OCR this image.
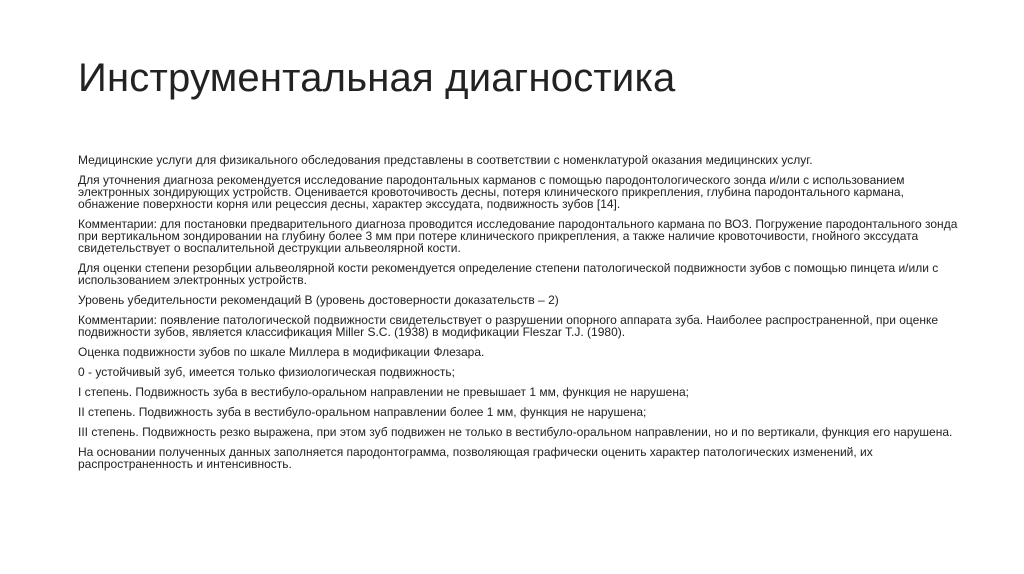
Инструментальная диагностика

Медицинские услуги для физикального обследования представлены в соответствии с номенклатурой оказания медицинских услуг.

Для уточнения диагноза рекомендуется исследование пародонтальных карманов с помощью пародонтологического зонда и/или с использованием электронных зондирующих устройств. Оценивается кровоточивость десны, потеря клинического прикрепления, глубина пародонтального кармана, обнажение поверхности корня или рецессия десны, характер экссудата, подвижность зубов [14].

Комментарии: для постановки предварительного диагноза проводится исследование пародонтального кармана по ВОЗ. Погружение пародонтального зонда при вертикальном зондировании на глубину более 3 мм при потере клинического прикрепления, а также наличие кровоточивости, гнойного экссудата свидетельствует о воспалительной деструкции альвеолярной кости.

Для оценки степени резорбции альвеолярной кости рекомендуется определение степени патологической подвижности зубов с помощью пинцета и/или с использованием электронных устройств.

Уровень убедительности рекомендаций В (уровень достоверности доказательств – 2)

Комментарии: появление патологической подвижности свидетельствует о разрушении опорного аппарата зуба. Наиболее распространенной, при оценке подвижности зубов, является классификация Miller S.C. (1938) в модификации Fleszar T.J. (1980).

Оценка подвижности зубов по шкале Миллера в модификации Флезара.

0 - устойчивый зуб, имеется только физиологическая подвижность;

I степень. Подвижность зуба в вестибуло-оральном направлении не превышает 1 мм, функция не нарушена;

II степень. Подвижность зуба в вестибуло-оральном направлении более 1 мм, функция не нарушена;

III степень. Подвижность резко выражена, при этом зуб подвижен не только в вестибуло-оральном направлении, но и по вертикали, функция его нарушена.

На основании полученных данных заполняется пародонтограмма, позволяющая графически оценить характер патологических изменений, их распространенность и интенсивность.
